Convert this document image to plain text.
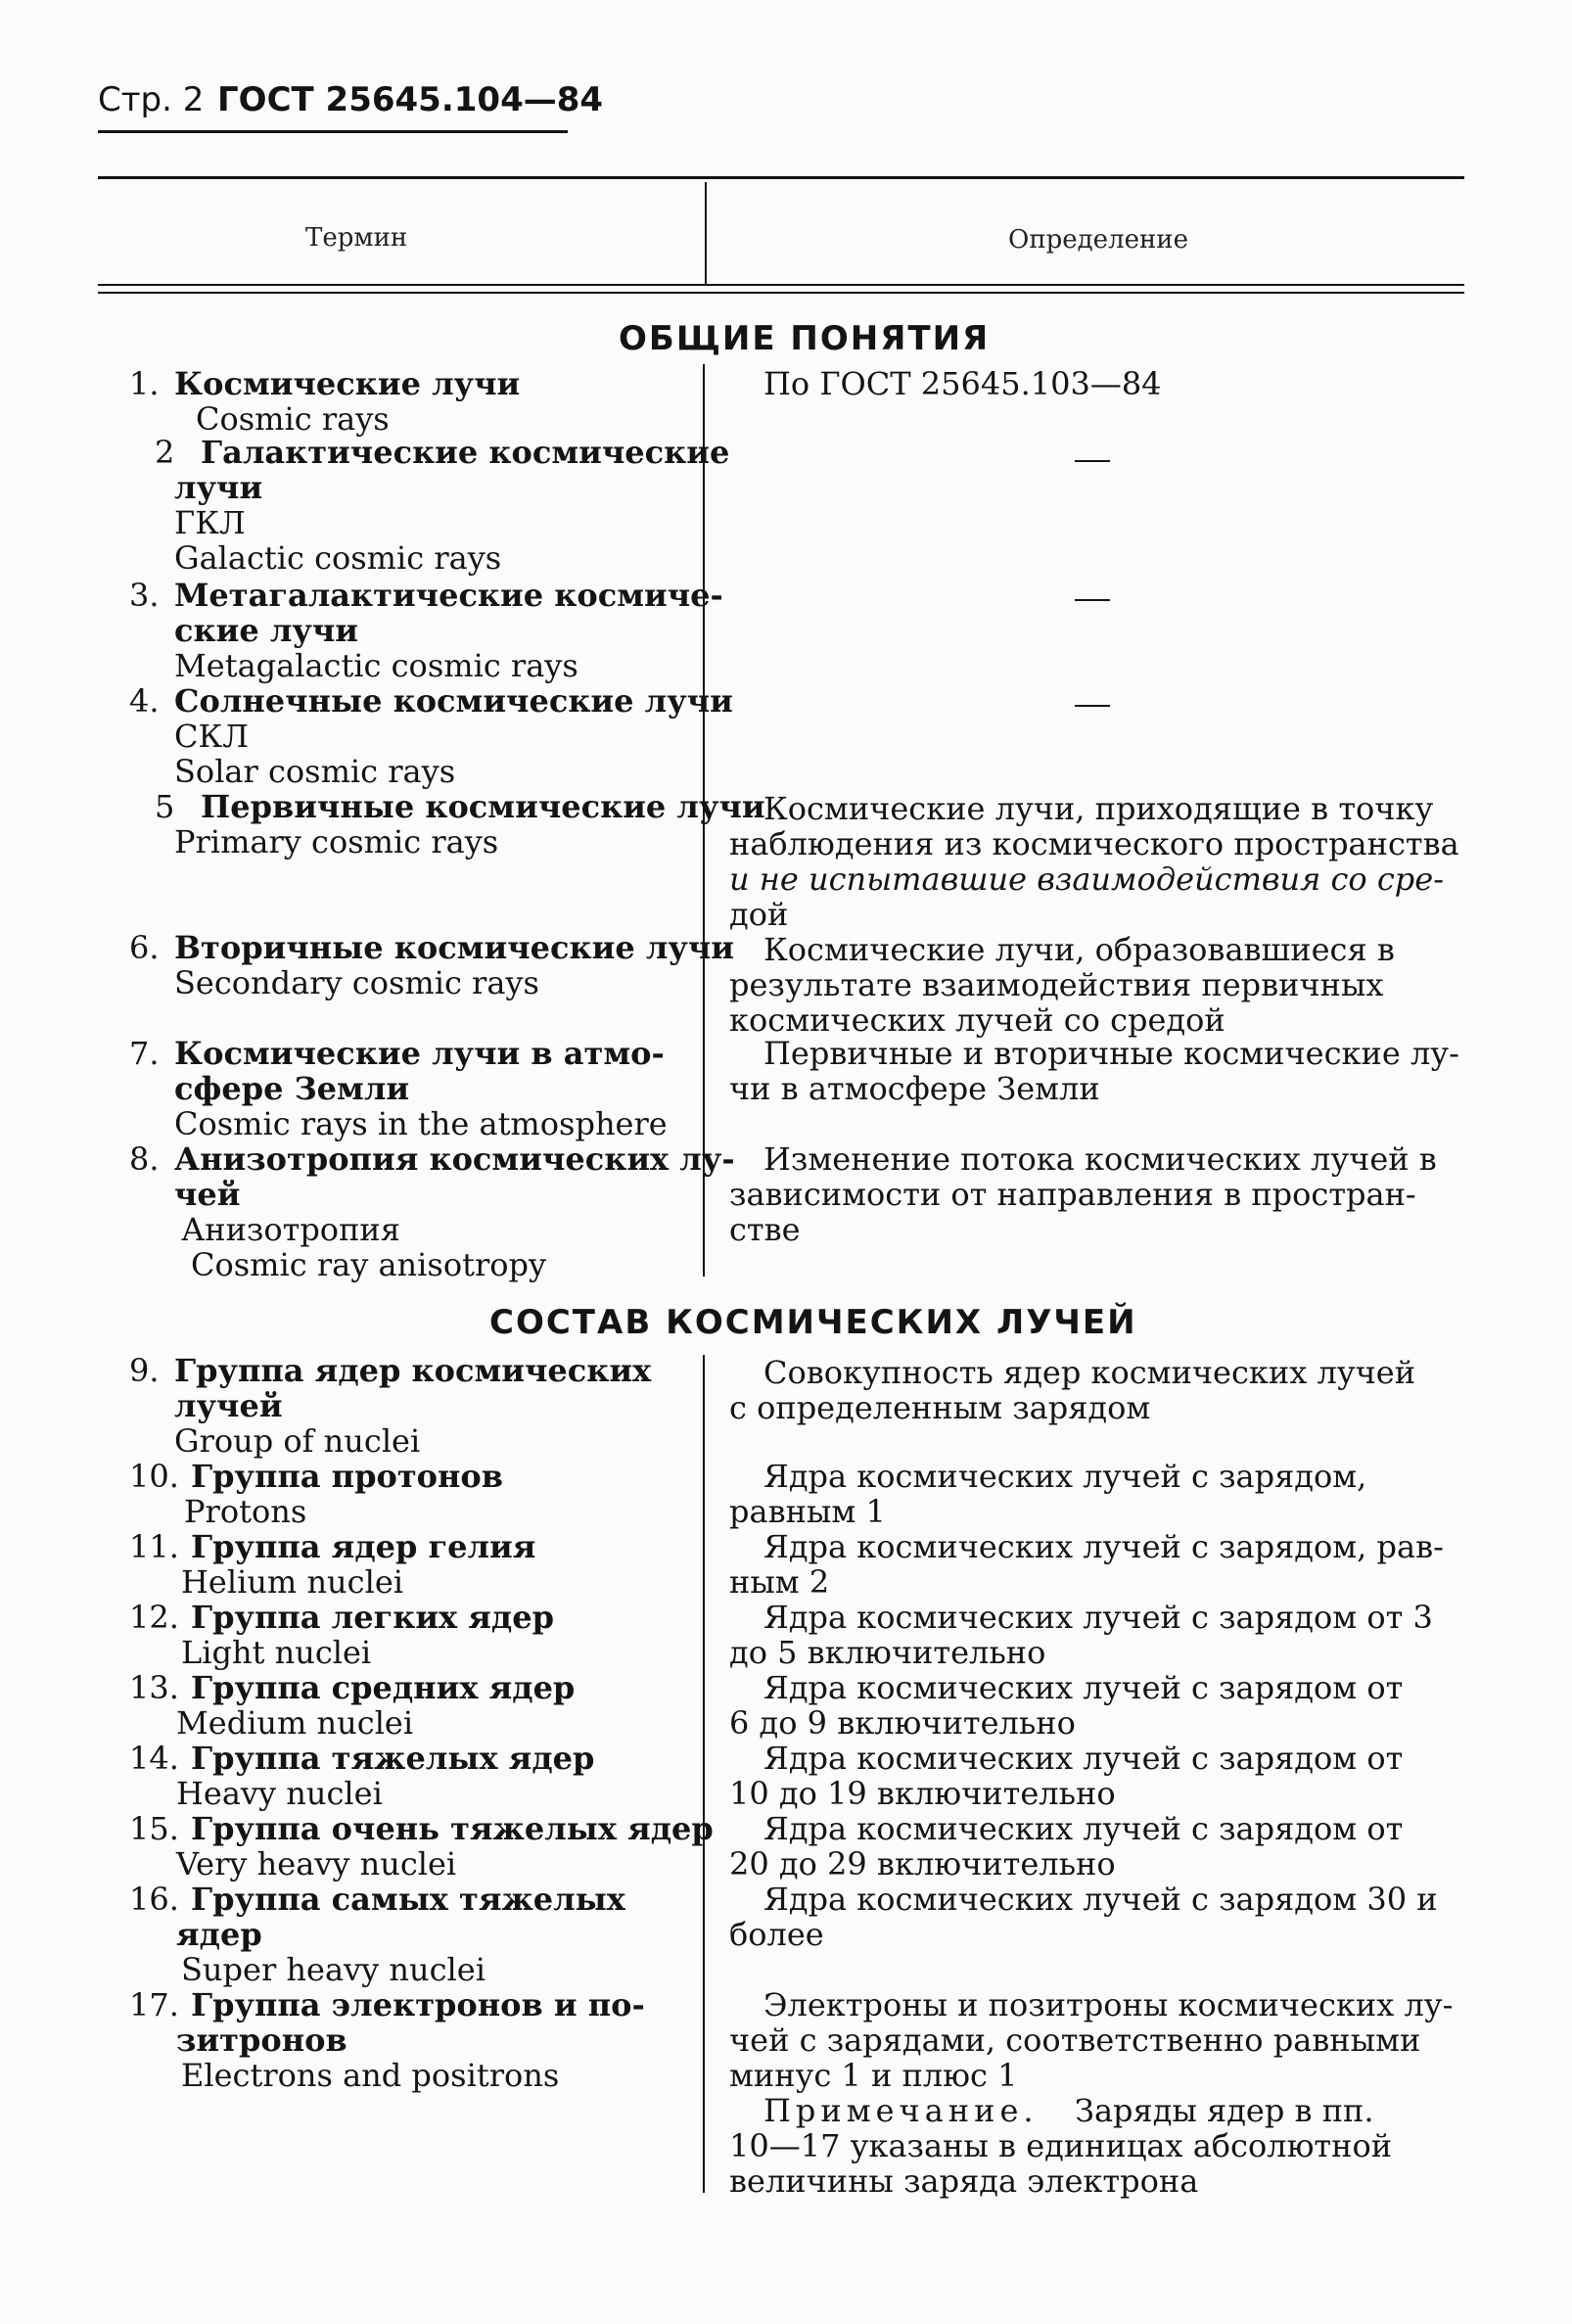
Стр. 2 ГОСТ 25645.104—84
Термин	Определение
ОБЩИЕ ПОНЯТИЯ
СОСТАВ КОСМИЧЕСКИХ ЛУЧЕЙ
1. Космические лучи
Cosmic rays
По ГОСТ 25645.103—84
2 Галактические космические
лучи
ГКЛ
Galactic cosmic rays
3. Метагалактические космиче-
ские лучи
Metagalactic cosmic rays
4. Солнечные космические лучи
СКЛ
Solar cosmic rays
5 Первичные космические лучи
Primary cosmic rays
Космические лучи, приходящие в точку
наблюдения из космического пространства
и не испытавшие взаимодействия со сре-
дой
6. Вторичные космические лучи
Secondary cosmic rays
Космические лучи, образовавшиеся в
результате взаимодействия первичных
космических лучей со средой
7. Космические лучи в атмо-
сфере Земли
Cosmic rays in the atmosphere
Первичные и вторичные космические лу-
чи в атмосфере Земли
8. Анизотропия космических лу-
чей
Анизотропия
Cosmic ray anisotropy
Изменение потока космических лучей в
зависимости от направления в простран-
стве
9. Группа ядер космических
лучей
Group of nuclei
Совокупность ядер космических лучей
с определенным зарядом
10. Группа протонов
Protons
Ядра космических лучей с зарядом,
равным 1
11. Группа ядер гелия
Helium nuclei
Ядра космических лучей с зарядом, рав-
ным 2
12. Группа легких ядер
Light nuclei
Ядра космических лучей с зарядом от 3
до 5 включительно
13. Группа средних ядер
Medium nuclei
Ядра космических лучей с зарядом от
6 до 9 включительно
14. Группа тяжелых ядер
Heavy nuclei
Ядра космических лучей с зарядом от
10 до 19 включительно
15. Группа очень тяжелых ядер
Very heavy nuclei
Ядра космических лучей с зарядом от
20 до 29 включительно
16. Группа самых тяжелых
ядер
Super heavy nuclei
Ядра космических лучей с зарядом 30 и
более
17. Группа электронов и по-
зитронов
Electrons and positrons
Электроны и позитроны космических лу-
чей с зарядами, соответственно равными
минус 1 и плюс 1
Примечание. Заряды ядер в пп.
10—17 указаны в единицах абсолютной
величины заряда электрона
